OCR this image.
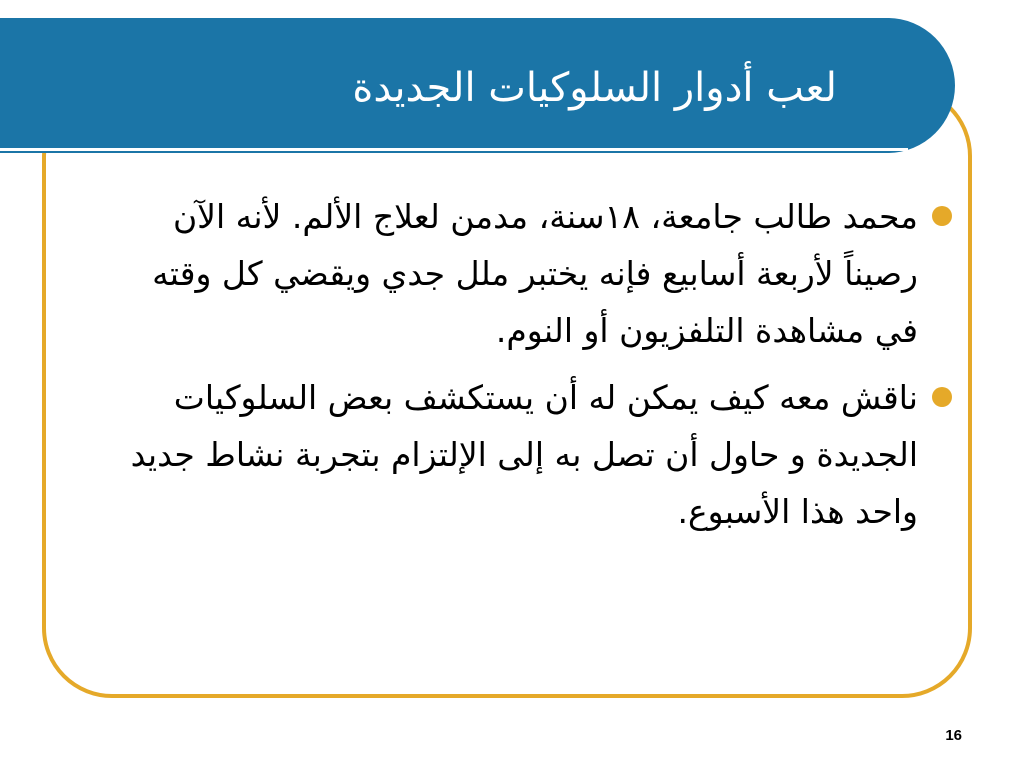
لعب أدوار السلوكيات الجديدة
محمد طالب جامعة، ١٨سنة، مدمن لعلاج الألم. لأنه الآن رصيناً لأربعة أسابيع فإنه يختبر ملل جدي ويقضي كل وقته في مشاهدة التلفزيون أو النوم.
ناقش معه كيف يمكن له أن يستكشف بعض السلوكيات الجديدة و حاول أن تصل به إلى الإلتزام بتجربة نشاط جديد واحد هذا الأسبوع.
16
